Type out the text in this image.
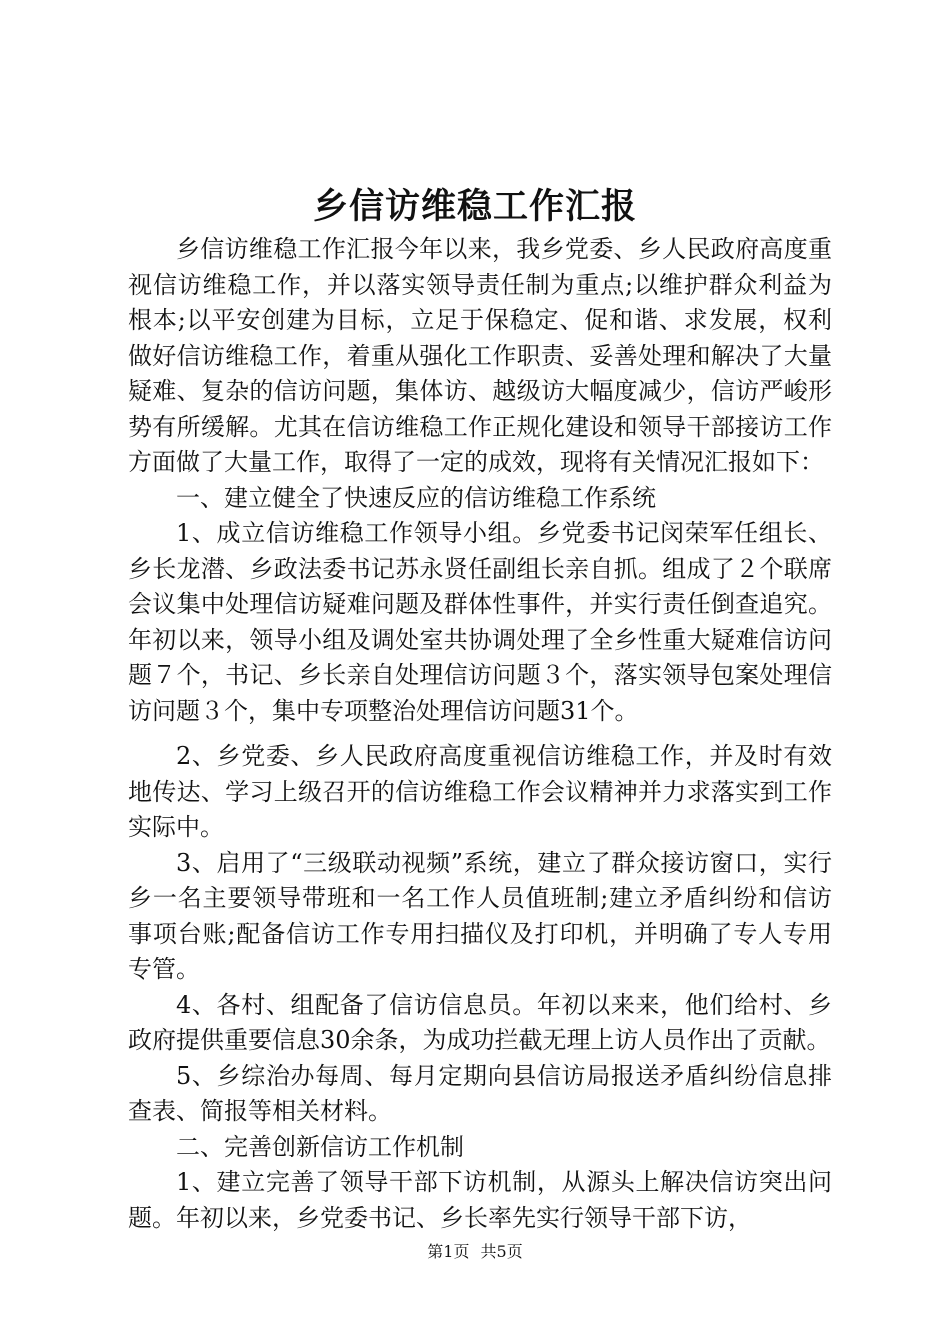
乡信访维稳工作汇报

乡信访维稳工作汇报今年以来，我乡党委、乡人民政府高度重视信访维稳工作，并以落实领导责任制为重点;以维护群众利益为根本;以平安创建为目标，立足于保稳定、促和谐、求发展，权利做好信访维稳工作，着重从强化工作职责、妥善处理和解决了大量疑难、复杂的信访问题，集体访、越级访大幅度减少，信访严峻形势有所缓解。尤其在信访维稳工作正规化建设和领导干部接访工作方面做了大量工作，取得了一定的成效，现将有关情况汇报如下：

一、建立健全了快速反应的信访维稳工作系统

1、成立信访维稳工作领导小组。乡党委书记闵荣军任组长、乡长龙潜、乡政法委书记苏永贤任副组长亲自抓。组成了２个联席会议集中处理信访疑难问题及群体性事件，并实行责任倒查追究。年初以来，领导小组及调处室共协调处理了全乡性重大疑难信访问题７个，书记、乡长亲自处理信访问题３个，落实领导包案处理信访问题３个，集中专项整治处理信访问题31个。

2、乡党委、乡人民政府高度重视信访维稳工作，并及时有效地传达、学习上级召开的信访维稳工作会议精神并力求落实到工作实际中。

3、启用了“三级联动视频”系统，建立了群众接访窗口，实行乡一名主要领导带班和一名工作人员值班制;建立矛盾纠纷和信访事项台账;配备信访工作专用扫描仪及打印机，并明确了专人专用专管。

4、各村、组配备了信访信息员。年初以来来，他们给村、乡政府提供重要信息30余条，为成功拦截无理上访人员作出了贡献。

5、乡综治办每周、每月定期向县信访局报送矛盾纠纷信息排查表、简报等相关材料。

二、完善创新信访工作机制

1、建立完善了领导干部下访机制，从源头上解决信访突出问题。年初以来，乡党委书记、乡长率先实行领导干部下访，

第1页 共5页
